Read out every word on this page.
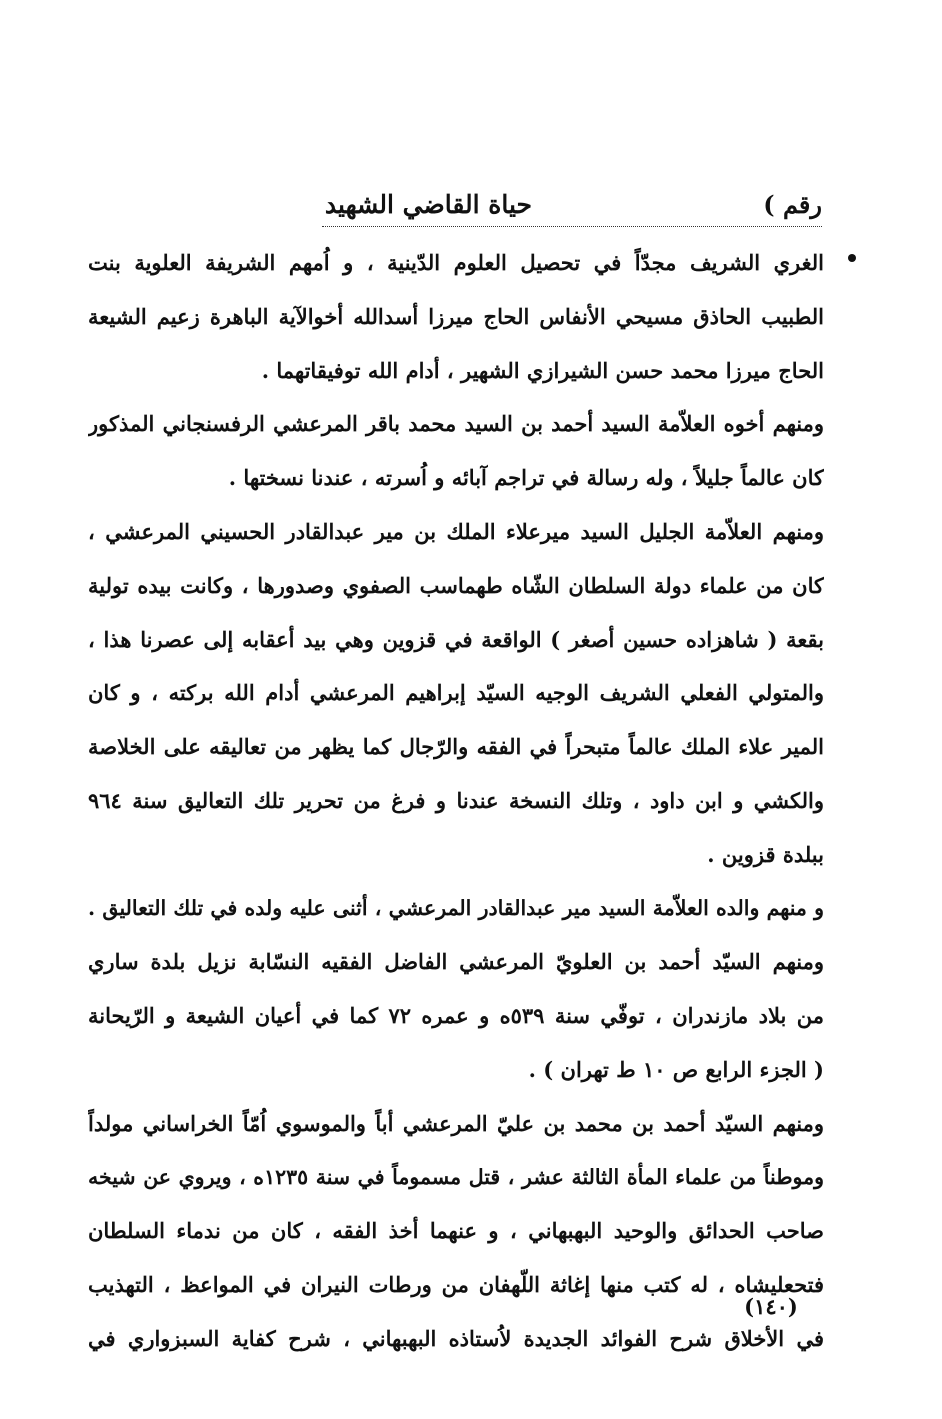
رقم )
حياة القاضي الشهيد
الغري الشريف مجدّاً في تحصيل العلوم الدّينية ، و اُمهم الشريفة العلوية بنت
الطبيب الحاذق مسيحي الأنفاس الحاج ميرزا أسدالله أخوالآية الباهرة زعيم الشيعة
الحاج ميرزا محمد حسن الشيرازي الشهير ، أدام الله توفيقاتهما .
ومنهم أخوه العلاّمة السيد أحمد بن السيد محمد باقر المرعشي الرفسنجاني المذكور
كان عالماً جليلاً ، وله رسالة في تراجم آبائه و اُسرته ، عندنا نسختها .
ومنهم العلاّمة الجليل السيد ميرعلاء الملك بن مير عبدالقادر الحسيني المرعشي ،
كان من علماء دولة السلطان الشّاه طهماسب الصفوي وصدورها ، وكانت بيده تولية
بقعة ( شاهزاده حسين أصغر ) الواقعة في قزوين وهي بيد أعقابه إلى عصرنا هذا ،
والمتولي الفعلي الشريف الوجيه السيّد إبراهيم المرعشي أدام الله بركته ، و كان
المير علاء الملك عالماً متبحراً في الفقه والرّجال كما يظهر من تعاليقه على الخلاصة
والكشي و ابن داود ، وتلك النسخة عندنا و فرغ من تحرير تلك التعاليق سنة ٩٦٤
ببلدة قزوين .
و منهم والده العلاّمة السيد مير عبدالقادر المرعشي ، أثنى عليه ولده في تلك التعاليق .
ومنهم السيّد أحمد بن العلويّ المرعشي الفاضل الفقيه النسّابة نزيل بلدة ساري
من بلاد مازندران ، توفّي سنة ٥٣٩ه و عمره ٧٢ كما في أعيان الشيعة و الرّيحانة
( الجزء الرابع ص ١٠ ط تهران ) .
ومنهم السيّد أحمد بن محمد بن عليّ المرعشي أباً والموسوي اُمّاً الخراساني مولداً
وموطناً من علماء المأة الثالثة عشر ، قتل مسموماً في سنة ١٢٣٥ه ، ويروي عن شيخه
صاحب الحدائق والوحيد البهبهاني ، و عنهما أخذ الفقه ، كان من ندماء السلطان
فتحعليشاه ، له كتب منها إغاثة اللّهفان من ورطات النيران في المواعظ ، التهذيب
في الأخلاق شرح الفوائد الجديدة لاُستاذه البهبهاني ، شرح كفاية السبزواري في
(١٤٠)
